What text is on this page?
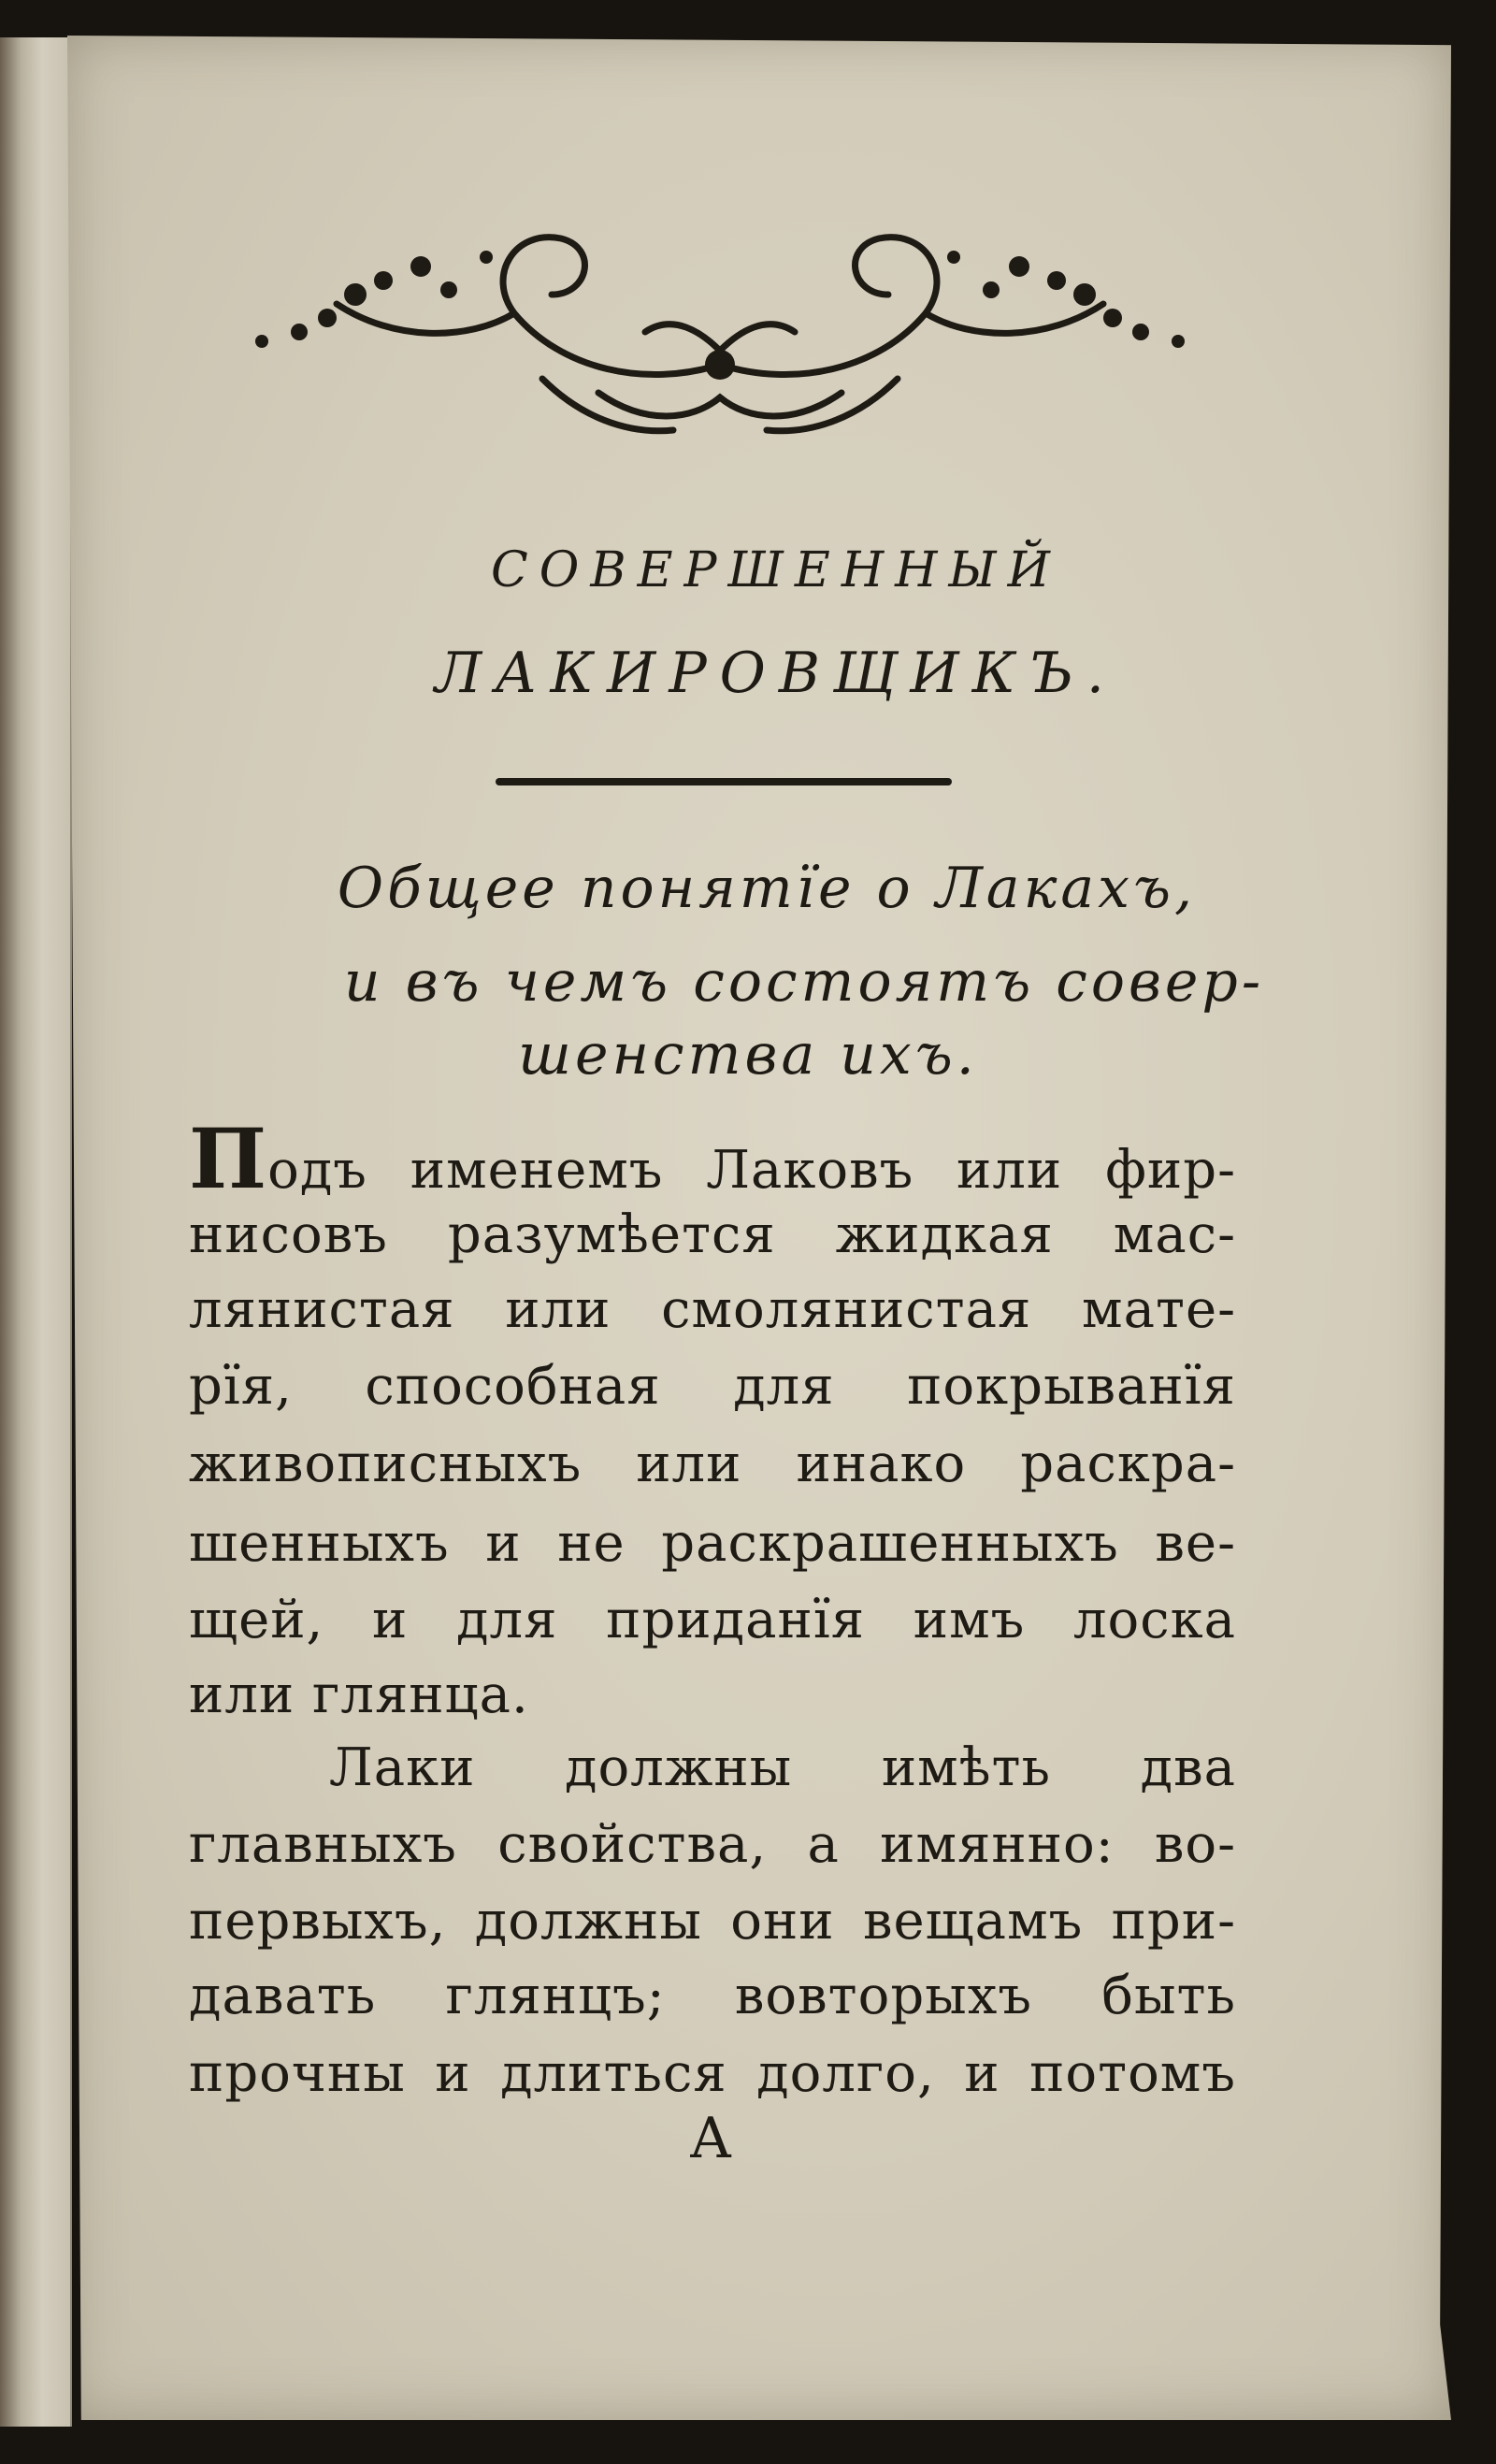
СОВЕРШЕННЫЙ

ЛАКИРОВЩИКЪ.

Общее понятїе о Лакахъ,

и въ чемъ состоятъ совер-

шенства ихъ.

Подъ именемъ Лаковъ или фир-

нисовъ разумѣется жидкая мас-

лянистая или смолянистая мате-

рїя, способная для покрыванїя

живописныхъ или инако раскра-

шенныхъ и не раскрашенныхъ ве-

щей, и для приданїя имъ лоска

или глянца.

Лаки должны имѣть два

главныхъ свойства, а имянно: во-

первыхъ, должны они вещамъ при-

давать глянцъ; вовторыхъ быть

прочны и длиться долго, и потомъ

A
